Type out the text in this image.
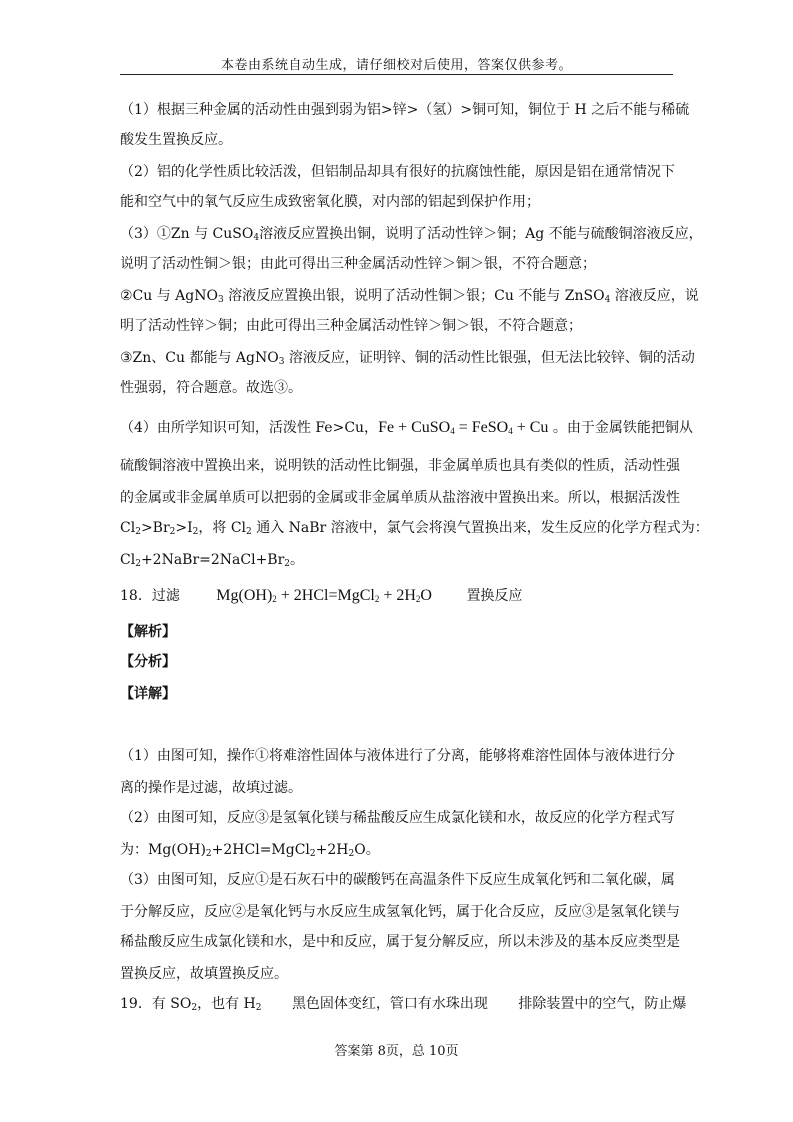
本卷由系统自动生成，请仔细校对后使用，答案仅供参考。
（1）根据三种金属的活动性由强到弱为铝>锌>（氢）>铜可知，铜位于 H 之后不能与稀硫
酸发生置换反应。
（2）铝的化学性质比较活泼，但铝制品却具有很好的抗腐蚀性能，原因是铝在通常情况下
能和空气中的氧气反应生成致密氧化膜，对内部的铝起到保护作用；
（3）①Zn 与 CuSO$_4$溶液反应置换出铜，说明了活动性锌＞铜；Ag 不能与硫酸铜溶液反应，
说明了活动性铜＞银；由此可得出三种金属活动性锌＞铜＞银，不符合题意；
②Cu 与 AgNO$_3$ 溶液反应置换出银，说明了活动性铜＞银；Cu 不能与 ZnSO$_4$ 溶液反应，说
明了活动性锌＞铜；由此可得出三种金属活动性锌＞铜＞银，不符合题意；
③Zn、Cu 都能与 AgNO$_3$ 溶液反应，证明锌、铜的活动性比银强，但无法比较锌、铜的活动
性强弱，符合题意。故选③。
（4）由所学知识可知，活泼性 Fe>Cu，Fe + CuSO$_4$ = FeSO$_4$ + Cu 。由于金属铁能把铜从
硫酸铜溶液中置换出来，说明铁的活动性比铜强，非金属单质也具有类似的性质，活动性强
的金属或非金属单质可以把弱的金属或非金属单质从盐溶液中置换出来。所以，根据活泼性
$Cl_2>Br_2>I_2$，将 $Cl_2$ 通入 NaBr 溶液中，氯气会将溴气置换出来，发生反应的化学方程式为：
$Cl_2+2NaBr=2NaCl+Br_2$。
18．过滤 $Mg(OH)_2$ + 2HCl=MgCl$_2$ + $2H_2O$ 置换反应
【解析】
【分析】
【详解】
（1）由图可知，操作①将难溶性固体与液体进行了分离，能够将难溶性固体与液体进行分
离的操作是过滤，故填过滤。
（2）由图可知，反应③是氢氧化镁与稀盐酸反应生成氯化镁和水，故反应的化学方程式写
为：$Mg(OH)_2+2HCl=MgCl_2+2H_2O$。
（3）由图可知，反应①是石灰石中的碳酸钙在高温条件下反应生成氧化钙和二氧化碳，属
于分解反应，反应②是氧化钙与水反应生成氢氧化钙，属于化合反应，反应③是氢氧化镁与
稀盐酸反应生成氯化镁和水，是中和反应，属于复分解反应，所以未涉及的基本反应类型是
置换反应，故填置换反应。
19．有 $SO_2$，也有 $H_2$ 黑色固体变红，管口有水珠出现 排除装置中的空气，防止爆
答案第 8页，总 10页
